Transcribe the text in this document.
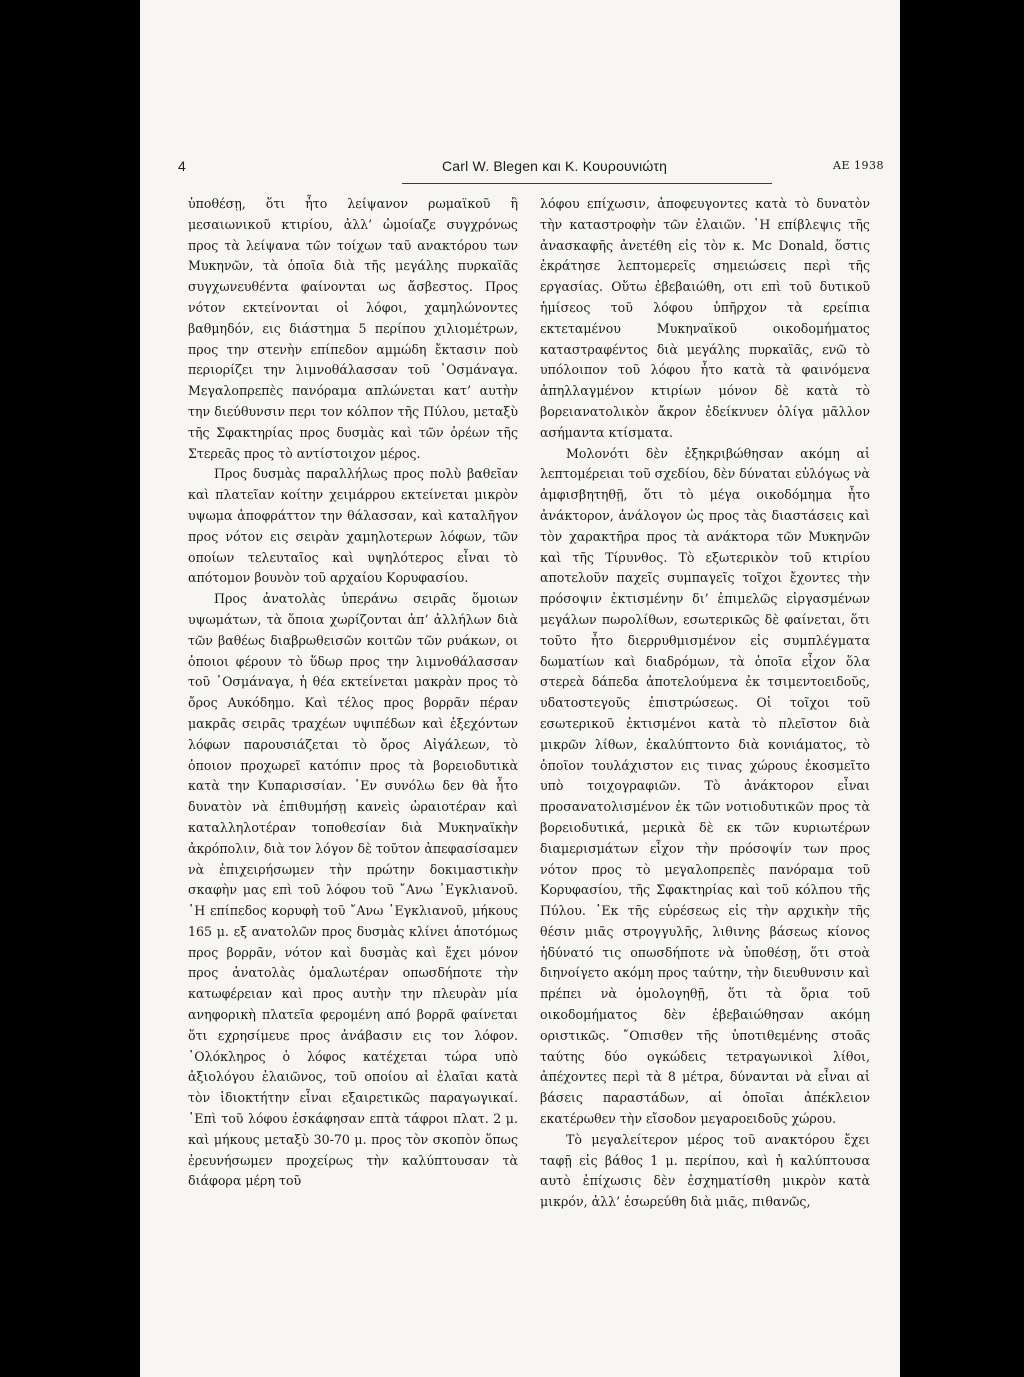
4	Carl W. Blegen και Κ. Κουρουνιώτη	ΑΕ 1938

ὑποθέσῃ, ὅτι ἦτο λείψανον ρωμαϊκοῦ ἢ μεσαιωνικοῦ κτιρίου, ἀλλ’ ὡμοίαζε συγχρόνως προς τὰ λείψανα τῶν τοίχων ταῦ ανακτόρου των Μυκηνῶν, τὰ ὁποῖα διὰ τῆς μεγάλης πυρκαϊᾶς συγχωνευθέντα φαίνονται ως ἄσβεστος. Προς νότον εκτείνονται οἱ λόφοι, χαμηλώνοντες βαθμηδόν, εις διάστημα 5 περίπου χιλιομέτρων, προς την στενὴν επίπεδον αμμώδη ἔκτασιν ποὺ περιορίζει την λιμνοθάλασσαν τοῦ ᾿Οσμάναγα. Μεγαλοπρεπὲς πανόραμα απλώνεται κατ’ αυτὴν την διεύθυνσιν περι τον κόλπον τῆς Πύλου, μεταξὺ τῆς Σφακτηρίας προς δυσμὰς καὶ τῶν ὀρέων τῆς Στερεᾶς προς τὸ αντίστοιχον μέρος.

Προς δυσμὰς παραλλήλως προς πολὺ βαθεῖαν καὶ πλατεῖαν κοίτην χειμάρρου εκτείνεται μικρὸν υψωμα ἀποφράττον την θάλασσαν, καὶ καταλῆγον προς νότον εις σειρὰν χαμηλοτερων λόφων, τῶν οποίων τελευταῖος καὶ υψηλότερος εἶναι τὸ απότομον βουνὸν τοῦ αρχαίου Κορυφασίου.

Προς ἀνατολὰς ὑπεράνω σειρᾶς ὅμοιων υψωμάτων, τὰ ὅποια χωρίζονται ἀπ’ ἀλλήλων διὰ τῶν βαθέως διαβρωθεισῶν κοιτῶν τῶν ρυάκων, οι ὁποιοι φέρουν τὸ ὕδωρ προς την λιμνοθάλασσαν τοῦ ᾿Οσμάναγα, ἡ θέα εκτείνεται μακρὰν προς τὸ ὄρος Αυκόδημο. Καὶ τέλος προς βορρᾶν πέραν μακρᾶς σειρᾶς τραχέων υψιπέδων καὶ ἐξεχόντων λόφων παρουσιάζεται τὸ ὄρος Αἰγάλεων, τὸ ὁποιον προχωρεῖ κατόπιν προς τὰ βορειοδυτικὰ κατὰ την Κυπαρισσίαν. ᾿Εν συνόλω δεν θὰ ἦτο δυνατὸν νὰ ἐπιθυμήσῃ κανεὶς ὡραιοτέραν καὶ καταλληλοτέραν τοποθεσίαν διὰ Μυκηναϊκὴν ἀκρόπολιν, διὰ τον λόγον δὲ τοῦτον ἀπεφασίσαμεν νὰ ἐπιχειρήσωμεν τὴν πρώτην δοκιμαστικὴν σκαφὴν μας επὶ τοῦ λόφου τοῦ ῎Ανω ᾿Εγκλιανοῦ. ῾Η επίπεδος κορυφὴ τοῦ ῎Ανω ᾿Εγκλιανοῦ, μήκους 165 μ. εξ ανατολῶν προς δυσμὰς κλίνει ἀποτόμως προς βορρᾶν, νότον καὶ δυσμὰς καὶ ἔχει μόνον προς ἀνατολὰς ὁμαλωτέραν οπωσδήποτε τὴν κατωφέρειαν καὶ προς αυτὴν την πλευρὰν μία ανηφορικὴ πλατεῖα φερομένη από βορρᾶ φαίνεται ὅτι εχρησίμευε προς ἀνάβασιν εις τον λόφον. ῾Ολόκληρος ὁ λόφος κατέχεται τώρα υπὸ ἀξιολόγου ἐλαιῶνος, τοῦ οποίου αἱ ἐλαῖαι κατὰ τὸν ἰδιοκτήτην εἶναι εξαιρετικῶς παραγωγικαί. ᾿Επὶ τοῦ λόφου ἐσκάφησαν επτὰ τάφροι πλατ. 2 μ. καὶ μήκους μεταξὺ 30-70 μ. προς τὸν σκοπὸν ὅπως ἐρευνήσωμεν προχείρως τὴν καλύπτουσαν τὰ διάφορα μέρη τοῦ

λόφου επίχωσιν, ἀποφευγοντες κατὰ τὸ δυνατὸν τὴν καταστροφὴν τῶν ἐλαιῶν. ῾Η επίβλεψις τῆς ἀνασκαφῆς ἀνετέθη εἰς τὸν κ. Mc Donald, ὅστις ἐκράτησε λεπτομερεῖς σημειώσεις περὶ τῆς εργασίας. Οὕτω ἐβεβαιώθη, οτι επὶ τοῦ δυτικοῦ ἡμίσεος τοῦ λόφου ὑπῆρχον τὰ ερείπια εκτεταμένου Μυκηναϊκοῦ οικοδομήματος καταστραφέντος διὰ μεγάλης πυρκαϊᾶς, ενῶ τὸ υπόλοιπον τοῦ λόφου ἦτο κατὰ τὰ φαινόμενα ἀπηλλαγμένον κτιρίων μόνον δὲ κατὰ τὸ βορειανατολικὸν ἄκρον ἐδείκνυεν ὀλίγα μᾶλλον ασήμαντα κτίσματα.

Μολονότι δὲν ἐξηκριβώθησαν ακόμη αἱ λεπτομέρειαι τοῦ σχεδίου, δὲν δύναται εὐλόγως νὰ ἀμφισβητηθῇ, ὅτι τὸ μέγα οικοδόμημα ἦτο ἀνάκτορον, ἀνάλογον ὡς προς τὰς διαστάσεις καὶ τὸν χαρακτῆρα προς τὰ ανάκτορα τῶν Μυκηνῶν καὶ τῆς Τίρυνθος. Τὸ εξωτερικὸν τοῦ κτιρίου αποτελοῦν παχεῖς συμπαγεῖς τοῖχοι ἔχοντες τὴν πρόσοψιν ἐκτισμένην δι’ ἐπιμελῶς εἰργασμένων μεγάλων πωρολίθων, εσωτερικῶς δὲ φαίνεται, ὅτι τοῦτο ἦτο διερρυθμισμένον εἰς συμπλέγματα δωματίων καὶ διαδρόμων, τὰ ὁποῖα εἶχον ὅλα στερεὰ δάπεδα ἀποτελούμενα ἐκ τσιμεντοειδοῦς, υδατοστεγοῦς ἐπιστρώσεως. Οἱ τοῖχοι τοῦ εσωτερικοῦ ἐκτισμένοι κατὰ τὸ πλεῖστον διὰ μικρῶν λίθων, ἐκαλύπτοντο διὰ κονιάματος, τὸ ὁποῖον τουλάχιστον εις τινας χώρους ἐκοσμεῖτο υπὸ τοιχογραφιῶν. Τὸ ἀνάκτορον εἶναι προσανατολισμένον ἐκ τῶν νοτιοδυτικῶν προς τὰ βορειοδυτικά, μερικὰ δὲ εκ τῶν κυριωτέρων διαμερισμάτων εἶχον τὴν πρόσοψίν των προς νότον προς τὸ μεγαλοπρεπὲς πανόραμα τοῦ Κορυφασίου, τῆς Σφακτηρίας καὶ τοῦ κόλπου τῆς Πύλου. ᾿Εκ τῆς εὑρέσεως εἰς τὴν αρχικὴν τῆς θέσιν μιᾶς στρογγυλῆς, λιθινης βάσεως κίονος ἠδύνατό τις οπωσδήποτε νὰ ὑποθέσῃ, ὅτι στοὰ διηνοίγετο ακόμη προς ταύτην, τὴν διευθυνσιν καὶ πρέπει νὰ ὁμολογηθῇ, ὅτι τὰ ὅρια τοῦ οικοδομήματος δὲν ἐβεβαιώθησαν ακόμη οριστικῶς. ῎Οπισθεν τῆς ὑποτιθεμένης στοᾶς ταύτης δύο ογκώδεις τετραγωνικοὶ λίθοι, ἀπέχοντες περὶ τὰ 8 μέτρα, δύνανται νὰ εἶναι αἱ βάσεις παραστάδων, αἱ ὁποῖαι ἀπέκλειον εκατέρωθεν τὴν εἴσοδον μεγαροειδοῦς χώρου.

Τὸ μεγαλείτερον μέρος τοῦ ανακτόρου ἔχει ταφῇ εἰς βάθος 1 μ. περίπου, καὶ ἡ καλύπτουσα αυτὸ ἐπίχωσις δὲν ἐσχηματίσθη μικρὸν κατὰ μικρόν, ἀλλ’ ἐσωρεύθη διὰ μιᾶς, πιθανῶς,
